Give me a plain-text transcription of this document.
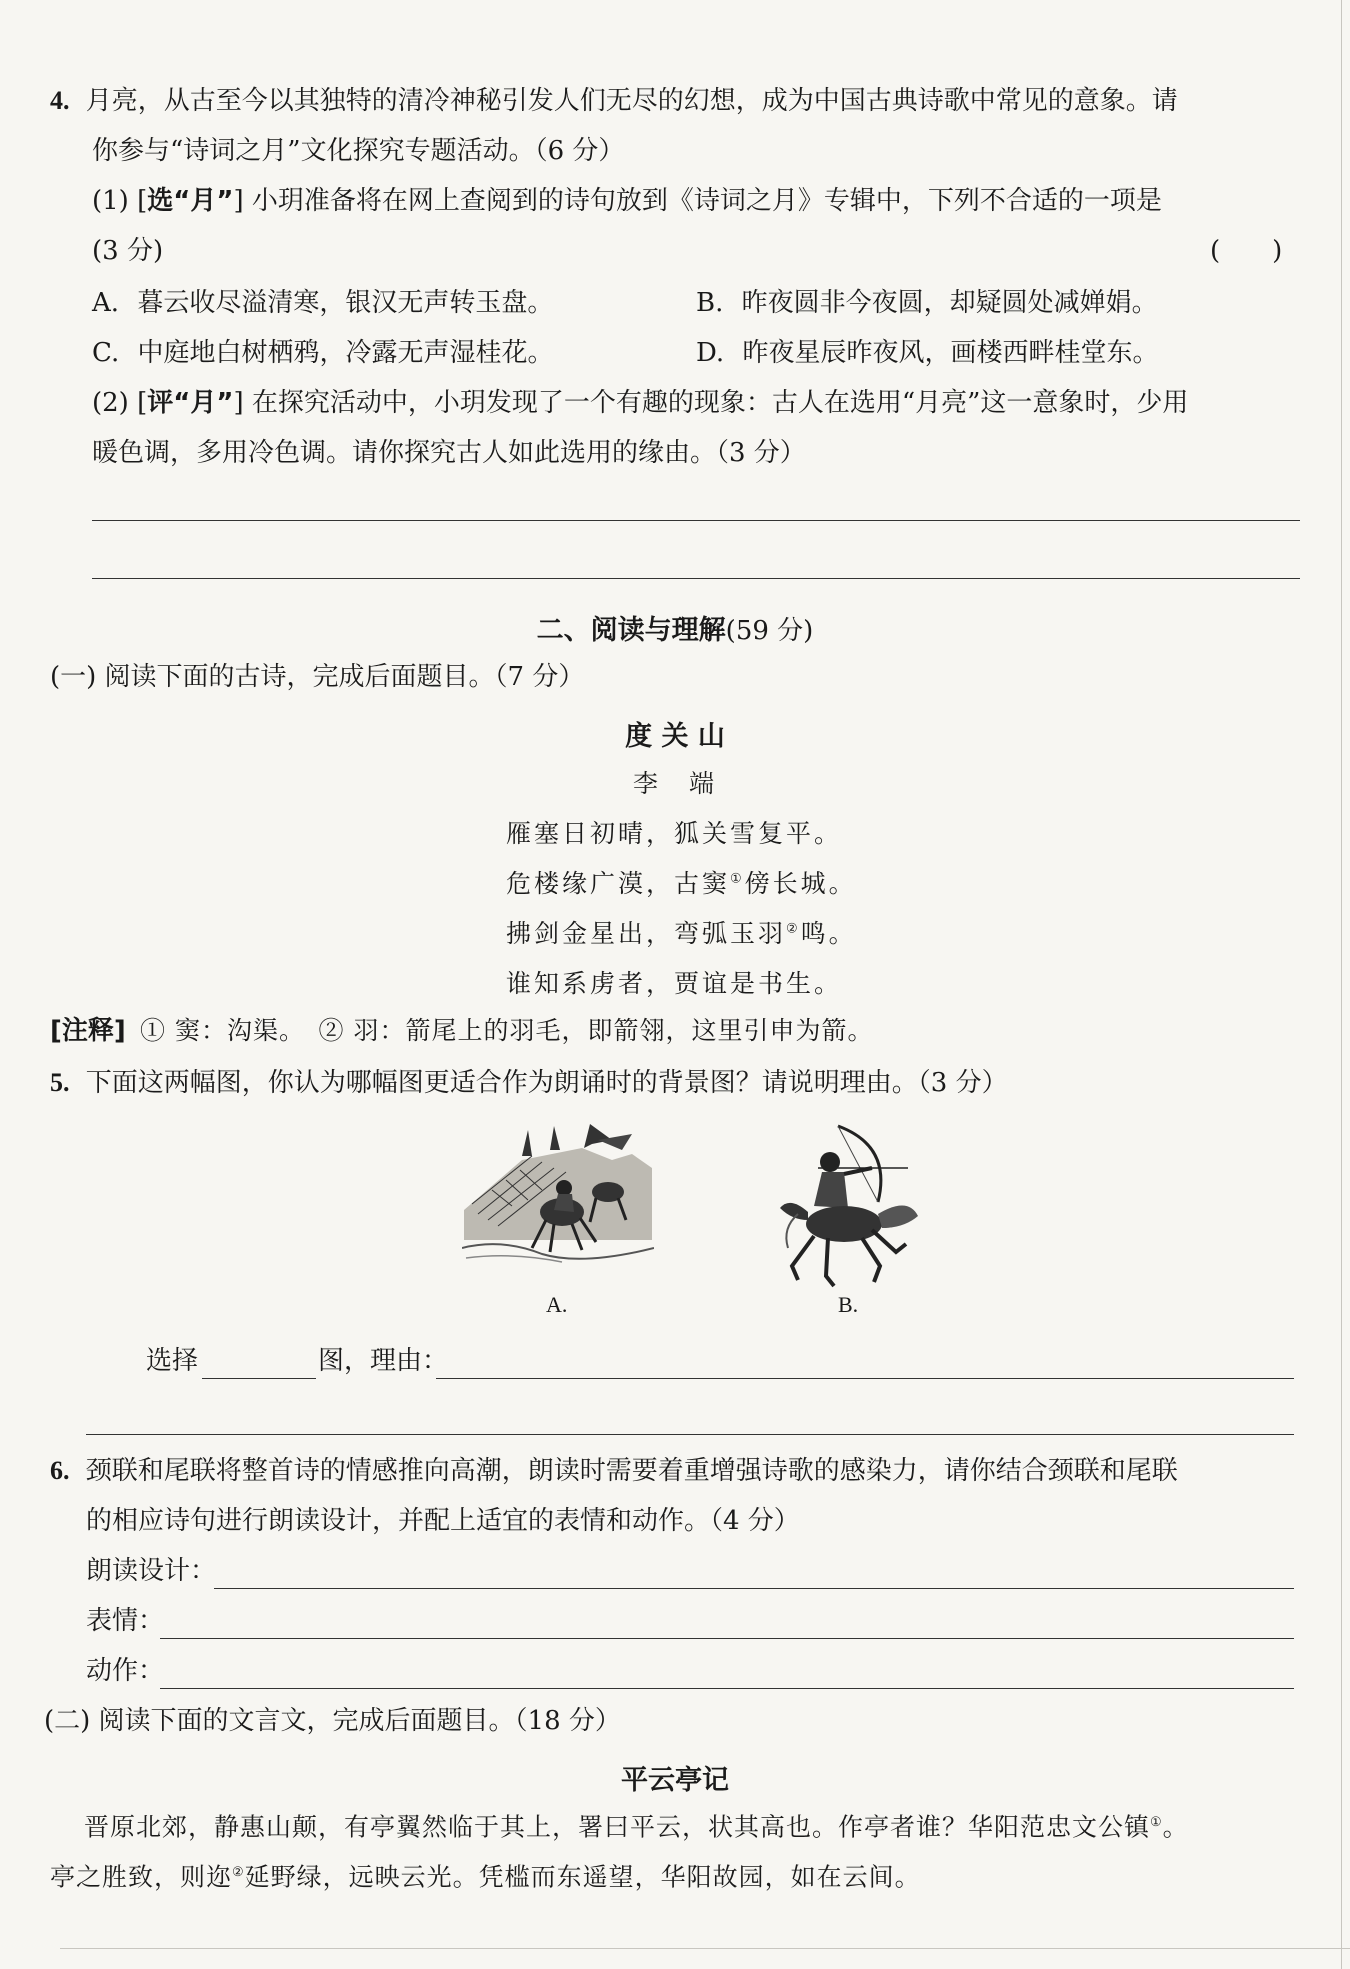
4. 月亮，从古至今以其独特的清冷神秘引发人们无尽的幻想，成为中国古典诗歌中常见的意象。请
你参与“诗词之月”文化探究专题活动。（6 分）
(1) [选“月”] 小玥准备将在网上查阅到的诗句放到《诗词之月》专辑中，下列不合适的一项是
(3 分)	(　　)
A. 暮云收尽溢清寒，银汉无声转玉盘。	B. 昨夜圆非今夜圆，却疑圆处减婵娟。
C. 中庭地白树栖鸦，冷露无声湿桂花。	D. 昨夜星辰昨夜风，画楼西畔桂堂东。
(2) [评“月”] 在探究活动中，小玥发现了一个有趣的现象：古人在选用“月亮”这一意象时，少用
暖色调，多用冷色调。请你探究古人如此选用的缘由。（3 分）
二、阅读与理解(59 分)
(一) 阅读下面的古诗，完成后面题目。（7 分）
度 关 山
李　端
雁塞日初晴，狐关雪复平。
危楼缘广漠，古窦①傍长城。
拂剑金星出，弯弧玉羽②鸣。
谁知系虏者，贾谊是书生。
[注释] ① 窦：沟渠。　② 羽：箭尾上的羽毛，即箭翎，这里引申为箭。
5. 下面这两幅图，你认为哪幅图更适合作为朗诵时的背景图？请说明理由。（3 分）
A.	B.
选择	图，理由：
6. 颈联和尾联将整首诗的情感推向高潮，朗读时需要着重增强诗歌的感染力，请你结合颈联和尾联
的相应诗句进行朗读设计，并配上适宜的表情和动作。（4 分）
朗读设计：
表情：
动作：
(二) 阅读下面的文言文，完成后面题目。（18 分）
平云亭记
晋原北郊，静惠山颠，有亭翼然临于其上，署曰平云，状其高也。作亭者谁？华阳范忠文公镇①。
亭之胜致，则迩②延野绿，远映云光。凭槛而东遥望，华阳故园，如在云间。
